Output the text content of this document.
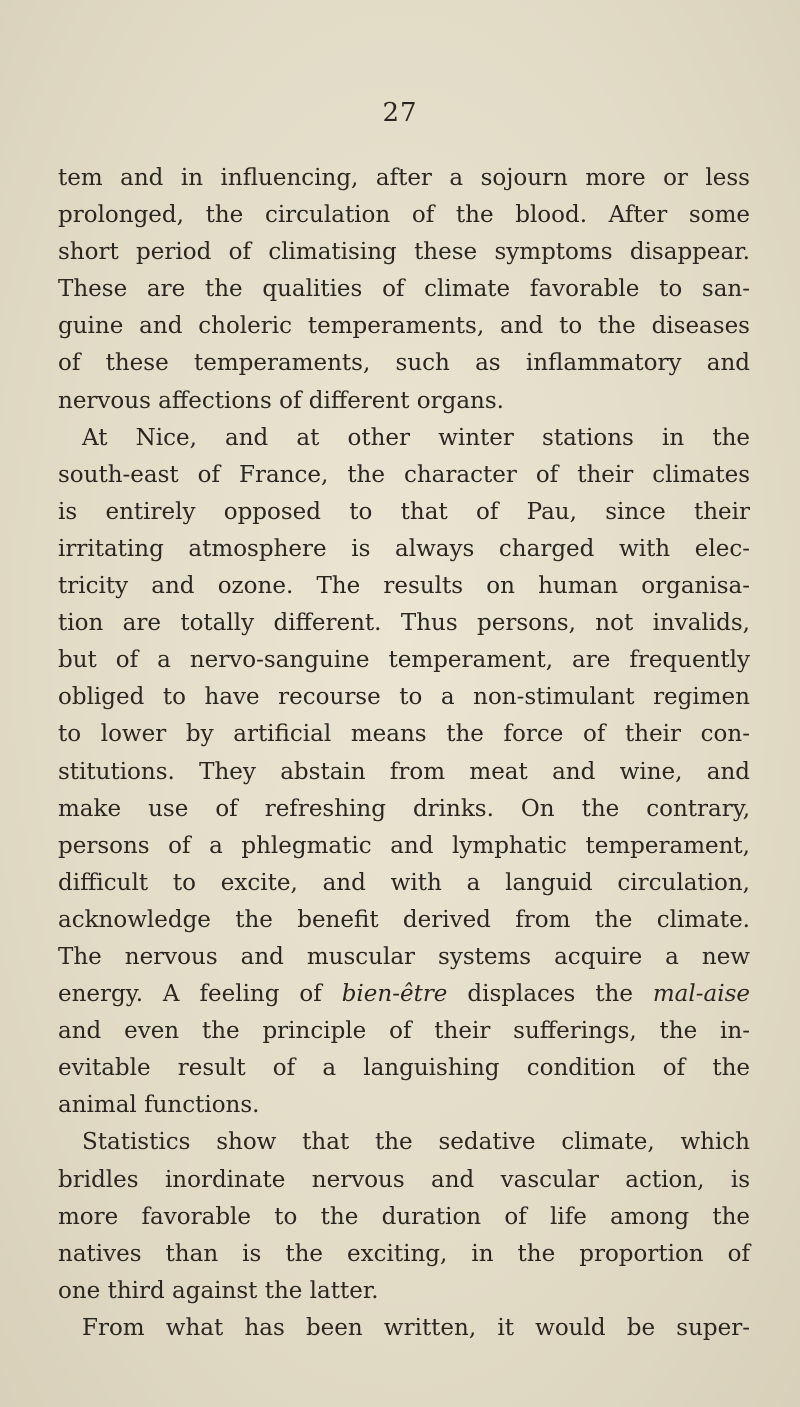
27
tem and in influencing, after a sojourn more or less
prolonged, the circulation of the blood. After some
short period of climatising these symptoms disappear.
These are the qualities of climate favorable to san-
guine and choleric temperaments, and to the diseases
of these temperaments, such as inflammatory and
nervous affections of different organs.
At Nice, and at other winter stations in the
south-east of France, the character of their climates
is entirely opposed to that of Pau, since their
irritating atmosphere is always charged with elec-
tricity and ozone. The results on human organisa-
tion are totally different. Thus persons, not invalids,
but of a nervo-sanguine temperament, are frequently
obliged to have recourse to a non-stimulant regimen
to lower by artificial means the force of their con-
stitutions. They abstain from meat and wine, and
make use of refreshing drinks. On the contrary,
persons of a phlegmatic and lymphatic temperament,
difficult to excite, and with a languid circulation,
acknowledge the benefit derived from the climate.
The nervous and muscular systems acquire a new
energy. A feeling of bien-être displaces the mal-aise
and even the principle of their sufferings, the in-
evitable result of a languishing condition of the
animal functions.
Statistics show that the sedative climate, which
bridles inordinate nervous and vascular action, is
more favorable to the duration of life among the
natives than is the exciting, in the proportion of
one third against the latter.
From what has been written, it would be super-
